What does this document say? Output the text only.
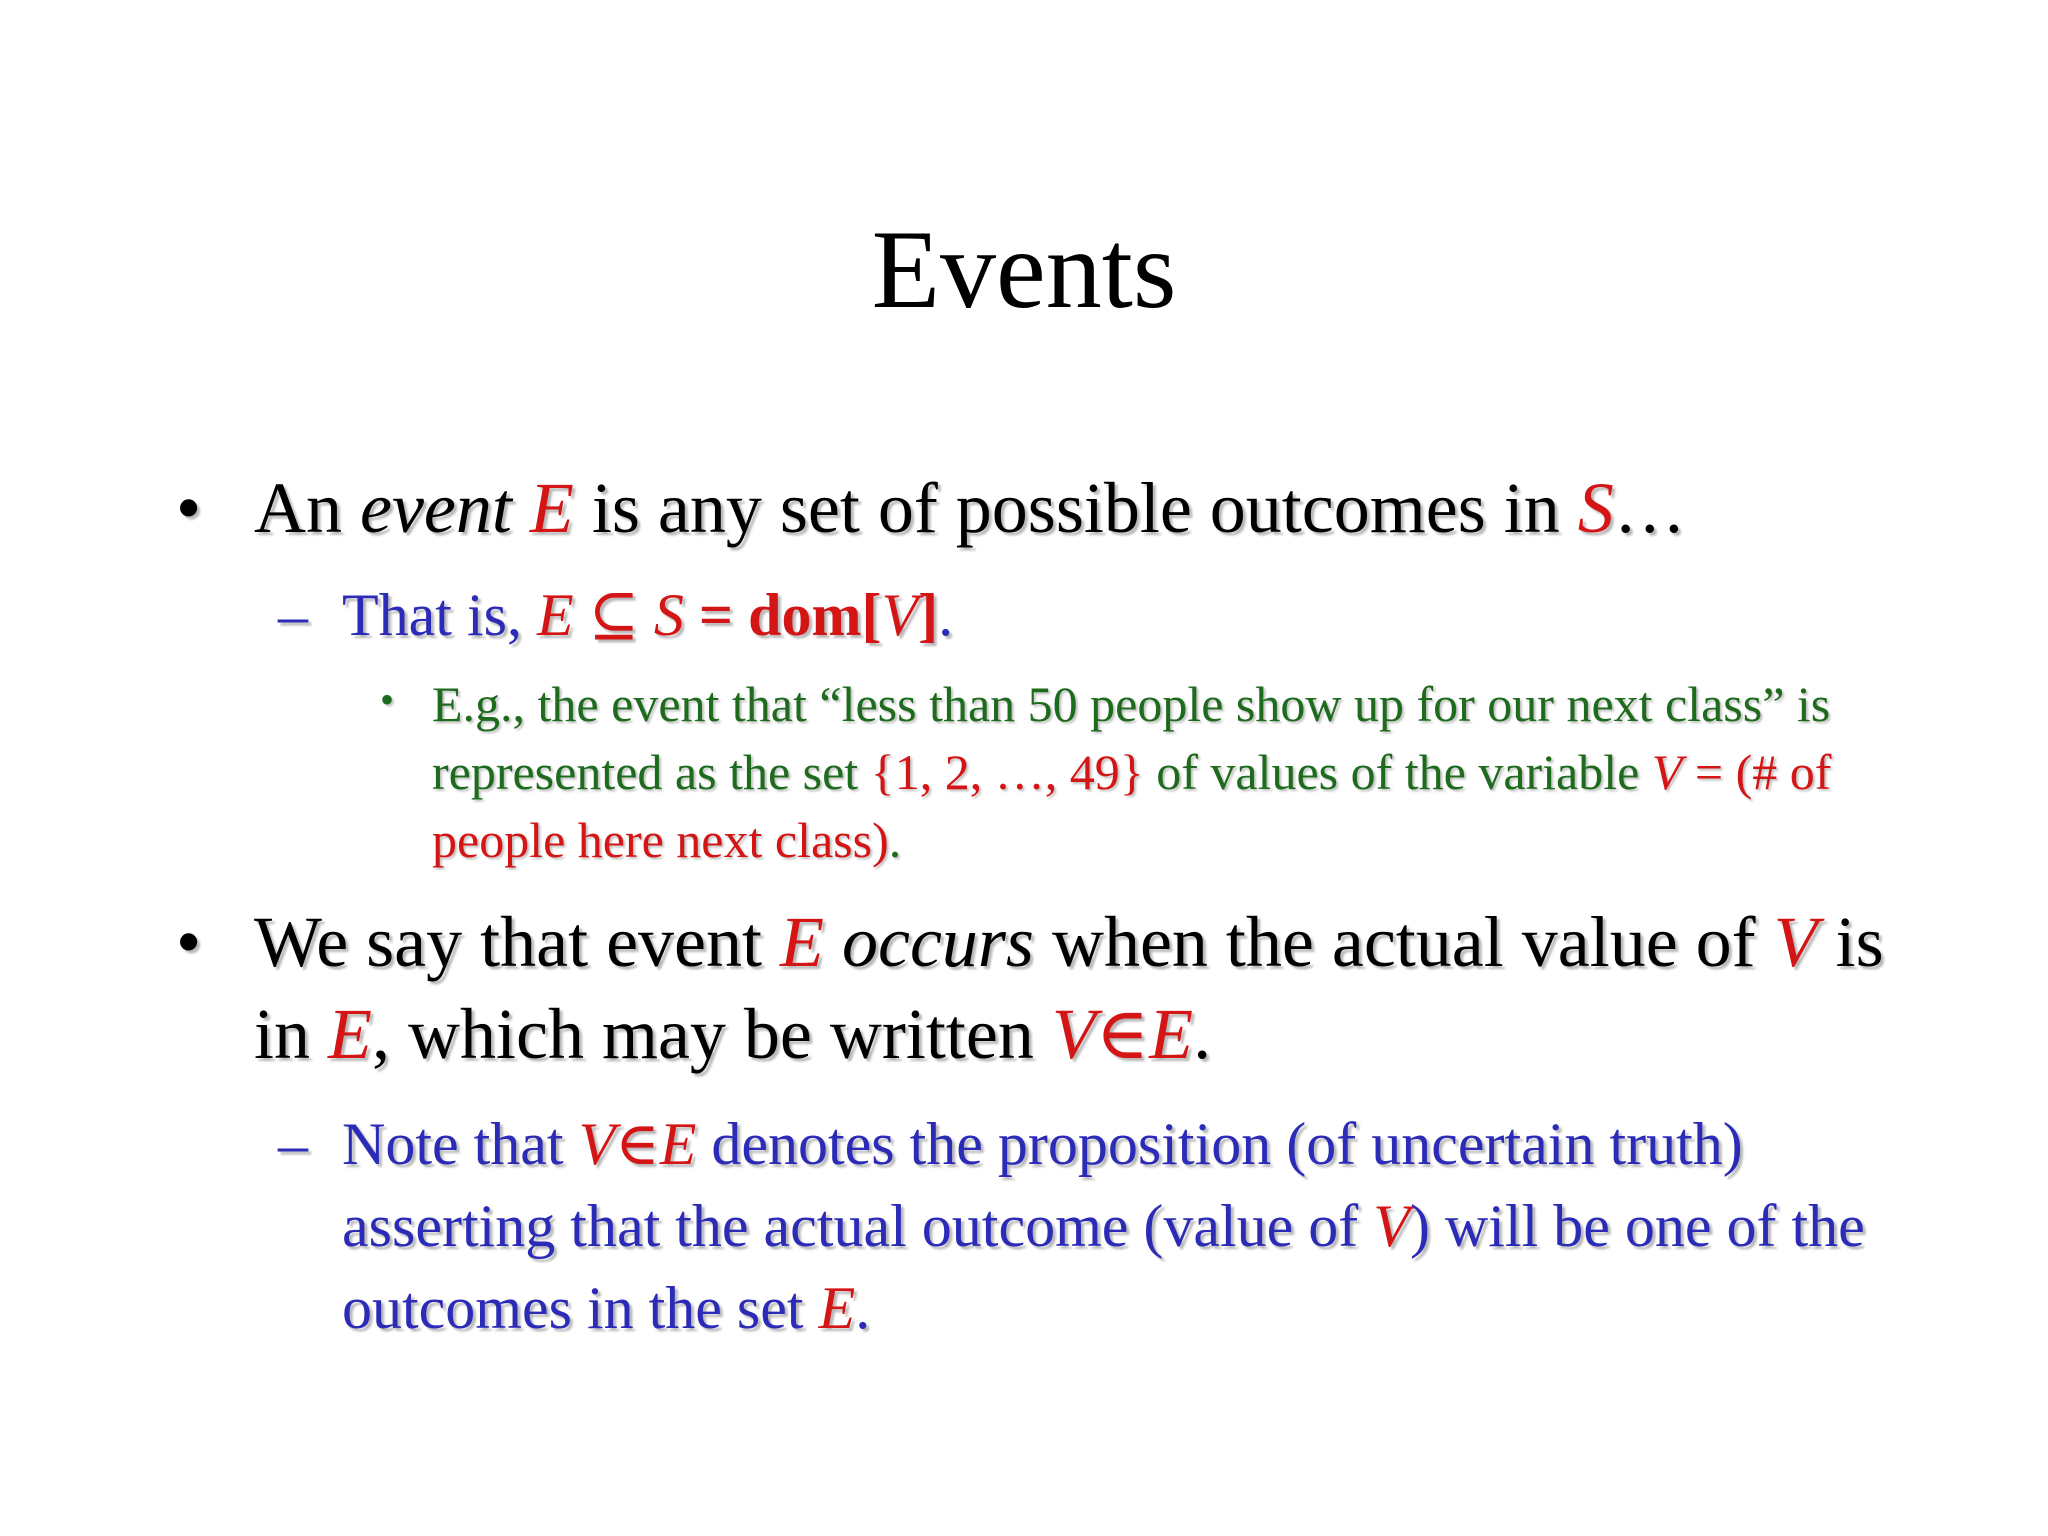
Events
• An event E is any set of possible outcomes in S…
– That is, E ⊆ S = dom[V].
• E.g., the event that “less than 50 people show up for our next class” is represented as the set {1, 2, …, 49} of values of the variable V = (# of people here next class).
• We say that event E occurs when the actual value of V is in E, which may be written V∈E.
– Note that V∈E denotes the proposition (of uncertain truth) asserting that the actual outcome (value of V) will be one of the outcomes in the set E.
